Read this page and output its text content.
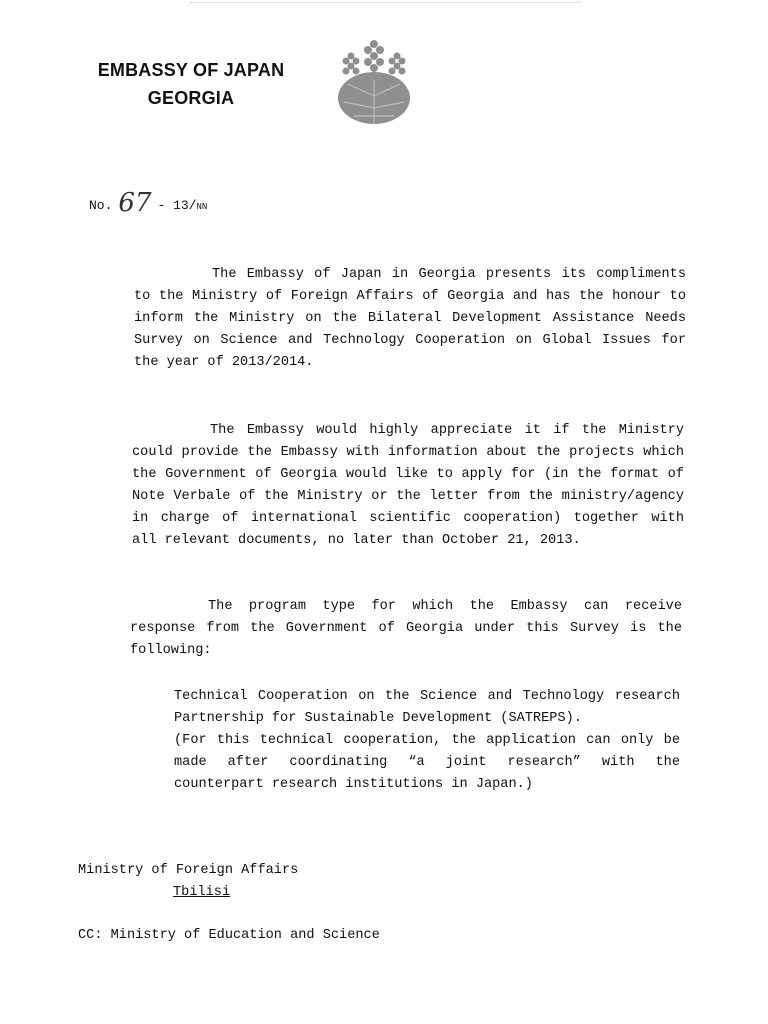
EMBASSY OF JAPAN
GEORGIA
No. 67 - 13/NN
The Embassy of Japan in Georgia presents its compliments to the Ministry of Foreign Affairs of Georgia and has the honour to inform the Ministry on the Bilateral Development Assistance Needs Survey on Science and Technology Cooperation on Global Issues for the year of 2013/2014.
The Embassy would highly appreciate it if the Ministry could provide the Embassy with information about the projects which the Government of Georgia would like to apply for (in the format of Note Verbale of the Ministry or the letter from the ministry/agency in charge of international scientific cooperation) together with all relevant documents, no later than October 21, 2013.
The program type for which the Embassy can receive response from the Government of Georgia under this Survey is the following:
Technical Cooperation on the Science and Technology research Partnership for Sustainable Development (SATREPS).
(For this technical cooperation, the application can only be made after coordinating “a joint research” with the counterpart research institutions in Japan.)
Ministry of Foreign Affairs
Tbilisi
CC: Ministry of Education and Science
